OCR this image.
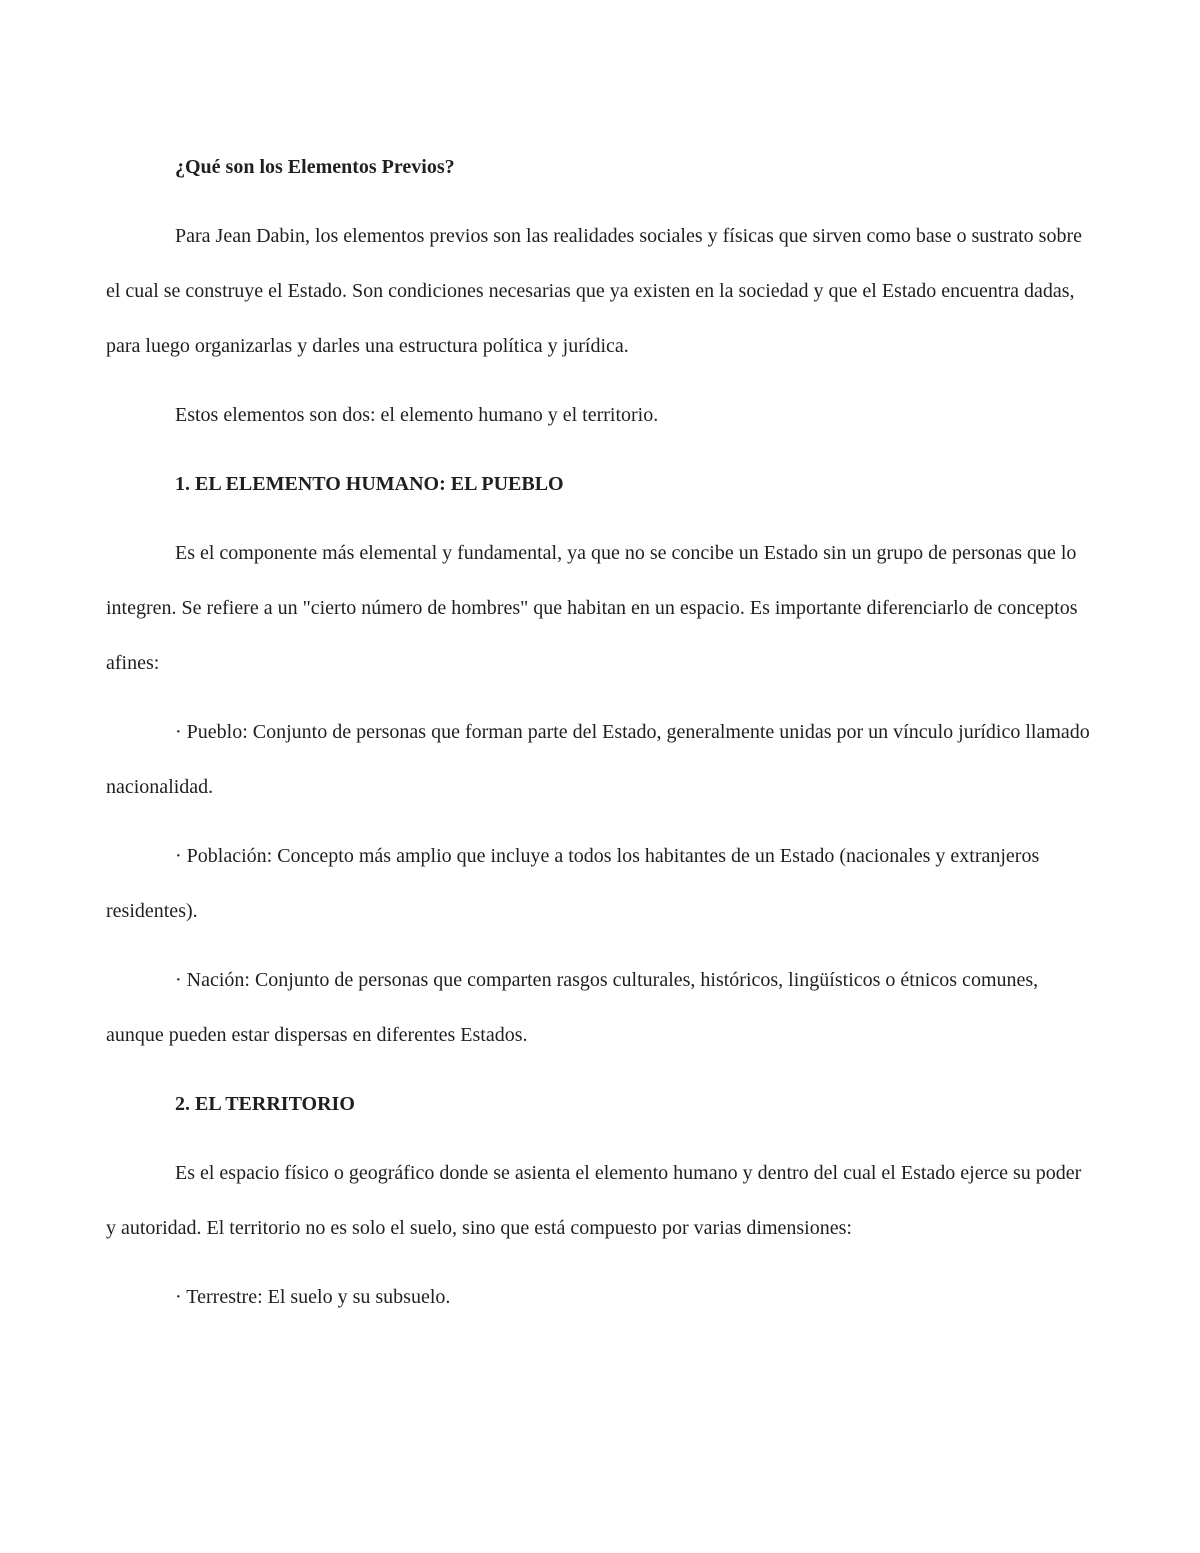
¿Qué son los Elementos Previos?

Para Jean Dabin, los elementos previos son las realidades sociales y físicas que sirven como base o sustrato sobre el cual se construye el Estado. Son condiciones necesarias que ya existen en la sociedad y que el Estado encuentra dadas, para luego organizarlas y darles una estructura política y jurídica.

Estos elementos son dos: el elemento humano y el territorio.

1. EL ELEMENTO HUMANO: EL PUEBLO

Es el componente más elemental y fundamental, ya que no se concibe un Estado sin un grupo de personas que lo integren. Se refiere a un "cierto número de hombres" que habitan en un espacio. Es importante diferenciarlo de conceptos afines:

· Pueblo: Conjunto de personas que forman parte del Estado, generalmente unidas por un vínculo jurídico llamado nacionalidad.

· Población: Concepto más amplio que incluye a todos los habitantes de un Estado (nacionales y extranjeros residentes).

· Nación: Conjunto de personas que comparten rasgos culturales, históricos, lingüísticos o étnicos comunes, aunque pueden estar dispersas en diferentes Estados.

2. EL TERRITORIO

Es el espacio físico o geográfico donde se asienta el elemento humano y dentro del cual el Estado ejerce su poder y autoridad. El territorio no es solo el suelo, sino que está compuesto por varias dimensiones:

· Terrestre: El suelo y su subsuelo.
